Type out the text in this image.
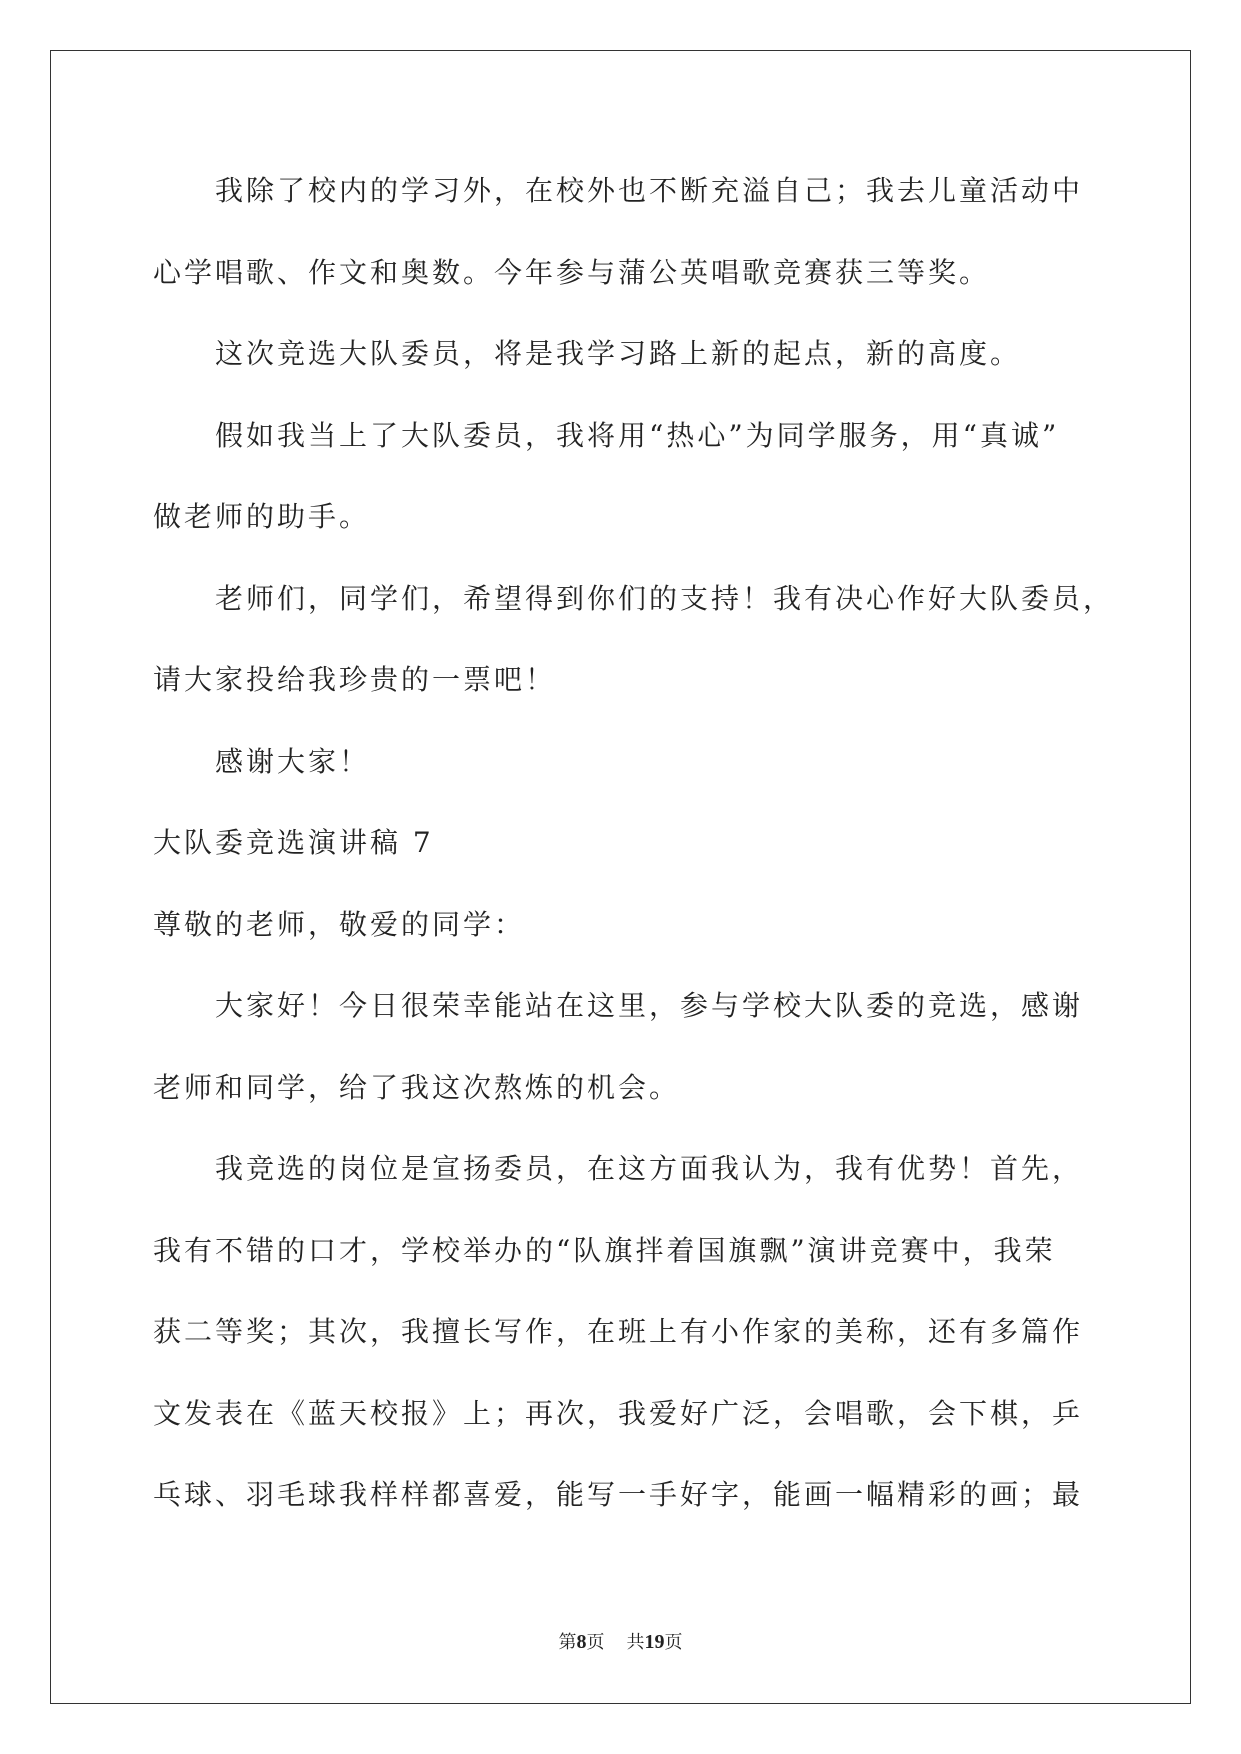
我除了校内的学习外，在校外也不断充溢自己；我去儿童活动中
心学唱歌、作文和奥数。今年参与蒲公英唱歌竞赛获三等奖。
这次竞选大队委员，将是我学习路上新的起点，新的高度。
假如我当上了大队委员，我将用“热心”为同学服务，用“真诚”
做老师的助手。
老师们，同学们，希望得到你们的支持！我有决心作好大队委员，
请大家投给我珍贵的一票吧！
感谢大家！
大队委竞选演讲稿 7
尊敬的老师，敬爱的同学：
大家好！今日很荣幸能站在这里，参与学校大队委的竞选，感谢
老师和同学，给了我这次熬炼的机会。
我竞选的岗位是宣扬委员，在这方面我认为，我有优势！首先，
我有不错的口才，学校举办的“队旗拌着国旗飘”演讲竞赛中，我荣
获二等奖；其次，我擅长写作，在班上有小作家的美称，还有多篇作
文发表在《蓝天校报》上；再次，我爱好广泛，会唱歌，会下棋，乒
乓球、羽毛球我样样都喜爱，能写一手好字，能画一幅精彩的画；最
第8页 共19页
